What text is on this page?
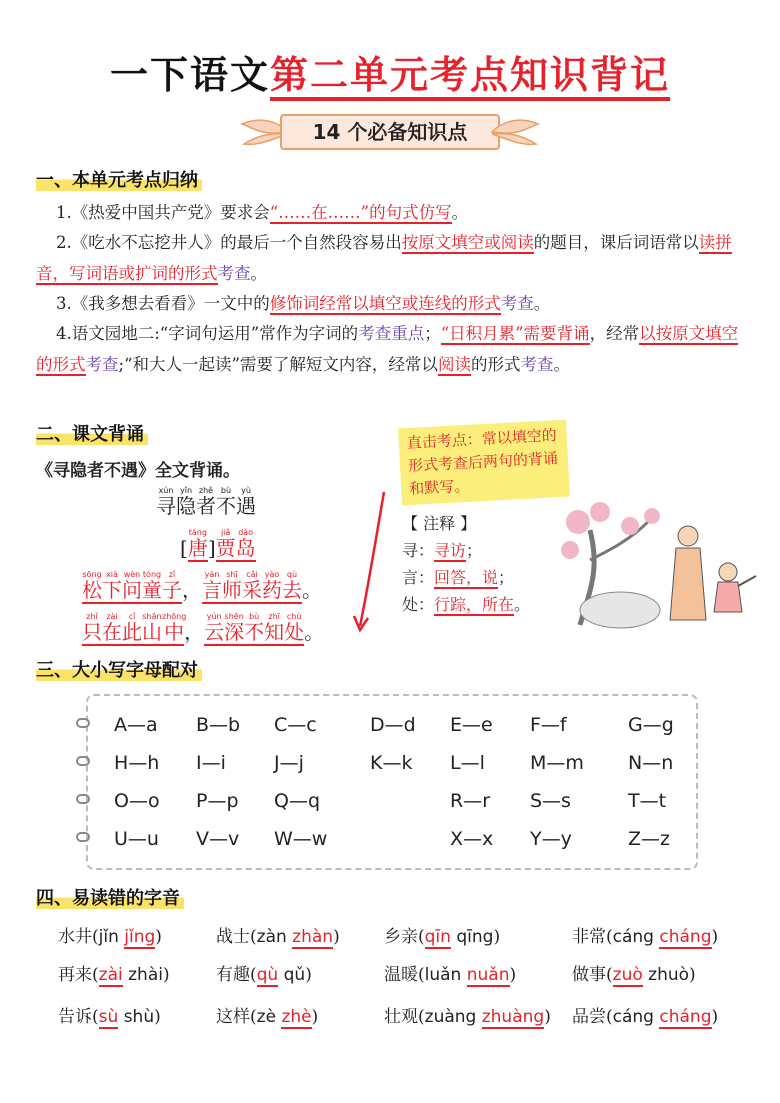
一下语文第二单元考点知识背记
14 个必备知识点
一、本单元考点归纳
1.《热爱中国共产党》要求会“……在……”的句式仿写。
2.《吃水不忘挖井人》的最后一个自然段容易出按原文填空或阅读的题目，课后词语常以读拼音，写词语或扩词的形式考查。
3.《我多想去看看》一文中的修饰词经常以填空或连线的形式考查。
4.语文园地二:“字词句运用”常作为字词的考查重点；“日积月累”需要背诵，经常以按原文填空的形式考查;“和大人一起读”需要了解短文内容，经常以阅读的形式考查。
二、课文背诵
《寻隐者不遇》全文背诵。
寻xún隐yǐn者zhě不bù遇yù
[唐táng]贾jiǎ岛dǎo
松sōng下xià问wèn童tóng子zǐ，言yán师shī采cǎi药yào去qù。
只zhǐ在zài此cǐ山shān中zhōng，云yún深shēn不bù知zhī处chù。
直击考点：常以填空的形式考查后两句的背诵和默写。
【 注释 】
寻：寻访；
言：回答，说；
处：行踪，所在。
三、大小写字母配对
A—a B—b C—c	D—d E—e F—f	G—g
H—h I—i	J—j	K—k L—l M—m N—n
O—o P—p Q—q	R—r S—s	T—t
U—u V—v W—w	X—x Y—y	Z—z
四、易读错的字音
水井(jǐn jǐng)	战士(zàn zhàn)	乡亲(qīn qīng)	非常(cáng cháng)
再来(zài zhài)	有趣(qù qǔ)	温暖(luǎn nuǎn)	做事(zuò zhuò)
告诉(sù shù)	这样(zè zhè)	壮观(zuàng zhuàng) 品尝(cáng cháng)
